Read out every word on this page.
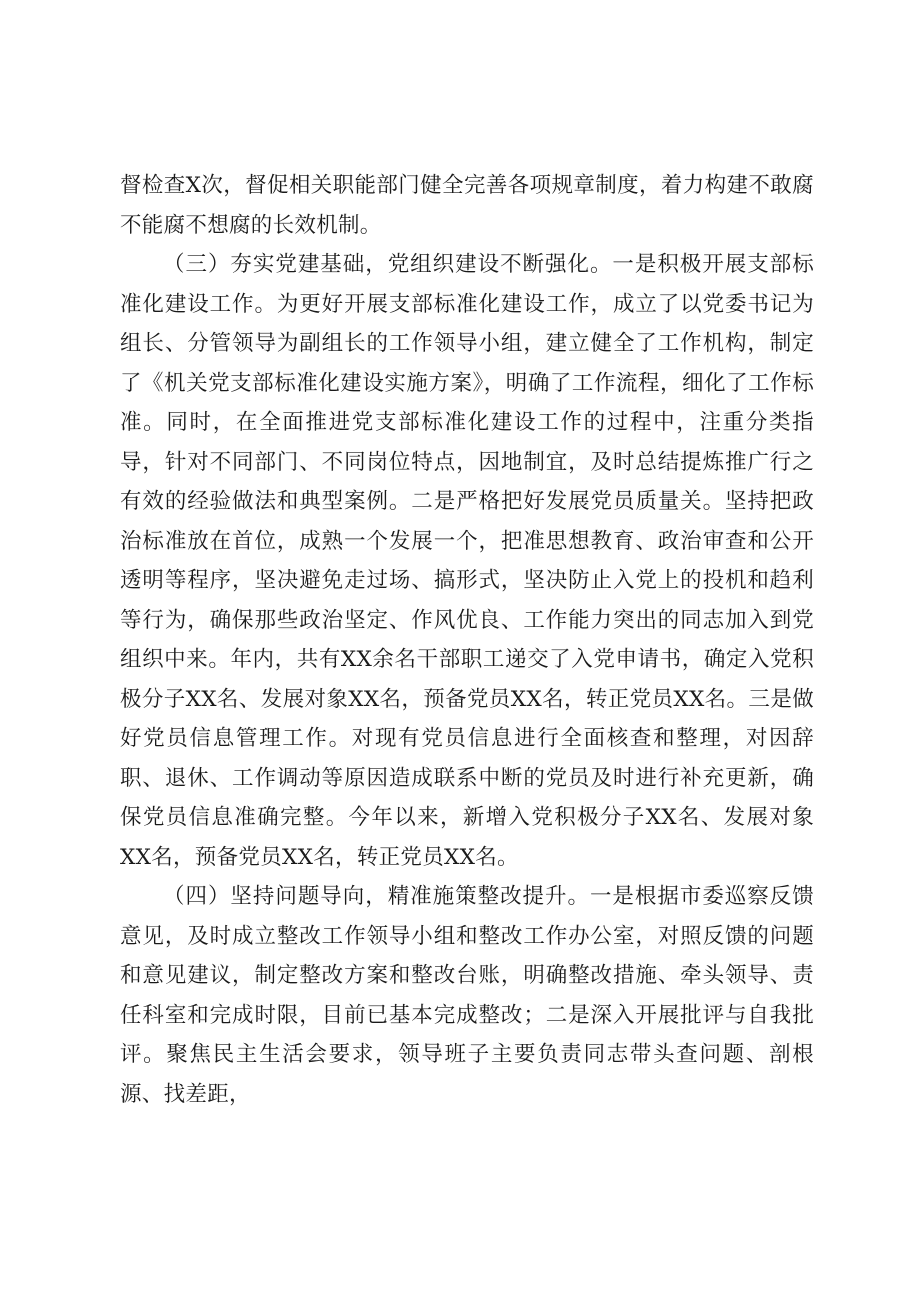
督检查X次，督促相关职能部门健全完善各项规章制度，着力构建不敢腐不能腐不想腐的长效机制。

（三）夯实党建基础，党组织建设不断强化。一是积极开展支部标准化建设工作。为更好开展支部标准化建设工作，成立了以党委书记为组长、分管领导为副组长的工作领导小组，建立健全了工作机构，制定了《机关党支部标准化建设实施方案》，明确了工作流程，细化了工作标准。同时，在全面推进党支部标准化建设工作的过程中，注重分类指导，针对不同部门、不同岗位特点，因地制宜，及时总结提炼推广行之有效的经验做法和典型案例。二是严格把好发展党员质量关。坚持把政治标准放在首位，成熟一个发展一个，把准思想教育、政治审查和公开透明等程序，坚决避免走过场、搞形式，坚决防止入党上的投机和趋利等行为，确保那些政治坚定、作风优良、工作能力突出的同志加入到党组织中来。年内，共有XX余名干部职工递交了入党申请书，确定入党积极分子XX名、发展对象XX名，预备党员XX名，转正党员XX名。三是做好党员信息管理工作。对现有党员信息进行全面核查和整理，对因辞职、退休、工作调动等原因造成联系中断的党员及时进行补充更新，确保党员信息准确完整。今年以来，新增入党积极分子XX名、发展对象XX名，预备党员XX名，转正党员XX名。

（四）坚持问题导向，精准施策整改提升。一是根据市委巡察反馈意见，及时成立整改工作领导小组和整改工作办公室，对照反馈的问题和意见建议，制定整改方案和整改台账，明确整改措施、牵头领导、责任科室和完成时限，目前已基本完成整改；二是深入开展批评与自我批评。聚焦民主生活会要求，领导班子主要负责同志带头查问题、剖根源、找差距，
